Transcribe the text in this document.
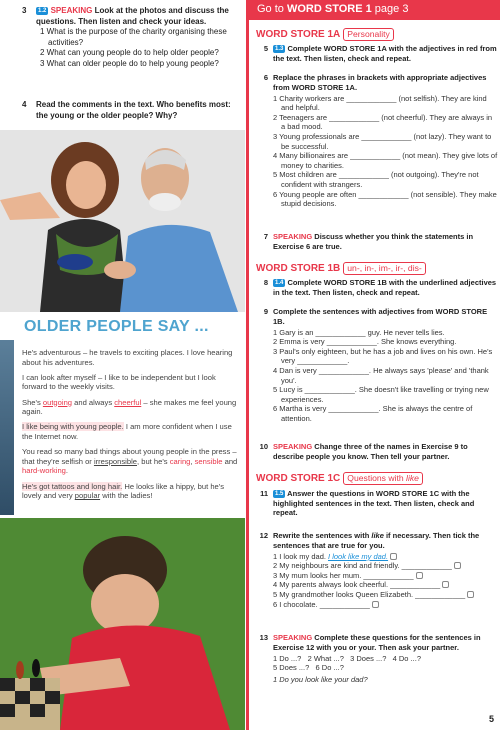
3	1.2 SPEAKING Look at the photos and discuss the questions. Then listen and check your ideas.
1 What is the purpose of the charity organising these activities?
2 What can young people do to help older people?
3 What can older people do to help young people?
4 Read the comments in the text. Who benefits most: the young or the older people? Why?
OLDER PEOPLE SAY ...

He's adventurous – he travels to exciting places. I love hearing about his adventures.

I can look after myself – I like to be independent but I look forward to the weekly visits.

She's outgoing and always cheerful – she makes me feel young again.

I like being with young people. I am more confident when I use the Internet now.

You read so many bad things about young people in the press – that they're selfish or irresponsible, but he's caring, sensible and hard-working.

He's got tattoos and long hair. He looks like a hippy, but he's lovely and very popular with the ladies!

Go to WORD STORE 1 page 3
WORD STORE 1A Personality
5	1.3 Complete WORD STORE 1A with the adjectives in red from the text. Then listen, check and repeat.
6 Replace the phrases in brackets with appropriate adjectives from WORD STORE 1A.
1 Charity workers are ____________ (not selfish). They are kind and helpful.
2 Teenagers are ____________ (not cheerful). They are always in a bad mood.
3 Young professionals are ____________ (not lazy). They want to be successful.
4 Many billionaires are ____________ (not mean). They give lots of money to charities.
5 Most children are ____________ (not outgoing). They're not confident with strangers.
6 Young people are often ____________ (not sensible). They make stupid decisions.
7 SPEAKING Discuss whether you think the statements in Exercise 6 are true.
WORD STORE 1B un-, in-, im-, ir-, dis-
8	1.4 Complete WORD STORE 1B with the underlined adjectives in the text. Then listen, check and repeat.
9 Complete the sentences with adjectives from WORD STORE 1B.
1 Gary is an ____________ guy. He never tells lies.
2 Emma is very ____________. She knows everything.
3 Paul's only eighteen, but he has a job and lives on his own. He's very ____________.
4 Dan is very ____________. He always says 'please' and 'thank you'.
5 Lucy is ____________. She doesn't like travelling or trying new experiences.
6 Martha is very ____________. She is always the centre of attention.
10 SPEAKING Change three of the names in Exercise 9 to describe people you know. Then tell your partner.
WORD STORE 1C Questions with like
11	1.5 Answer the questions in WORD STORE 1C with the highlighted sentences in the text. Then listen, check and repeat.
12 Rewrite the sentences with like if necessary. Then tick the sentences that are true for you.
1 I look my dad. I look like my dad.
2 My neighbours are kind and friendly. ____________
3 My mum looks her mum. ____________
4 My parents always look cheerful. ____________
5 My grandmother looks Queen Elizabeth. ____________
6 I chocolate. ____________
13 SPEAKING Complete these questions for the sentences in Exercise 12 with you or your. Then ask your partner.
1 Do ...?   2 What ...?   3 Does ...?   4 Do ...?
5 Does ...?   6 Do ...?
1 Do you look like your dad?
5
